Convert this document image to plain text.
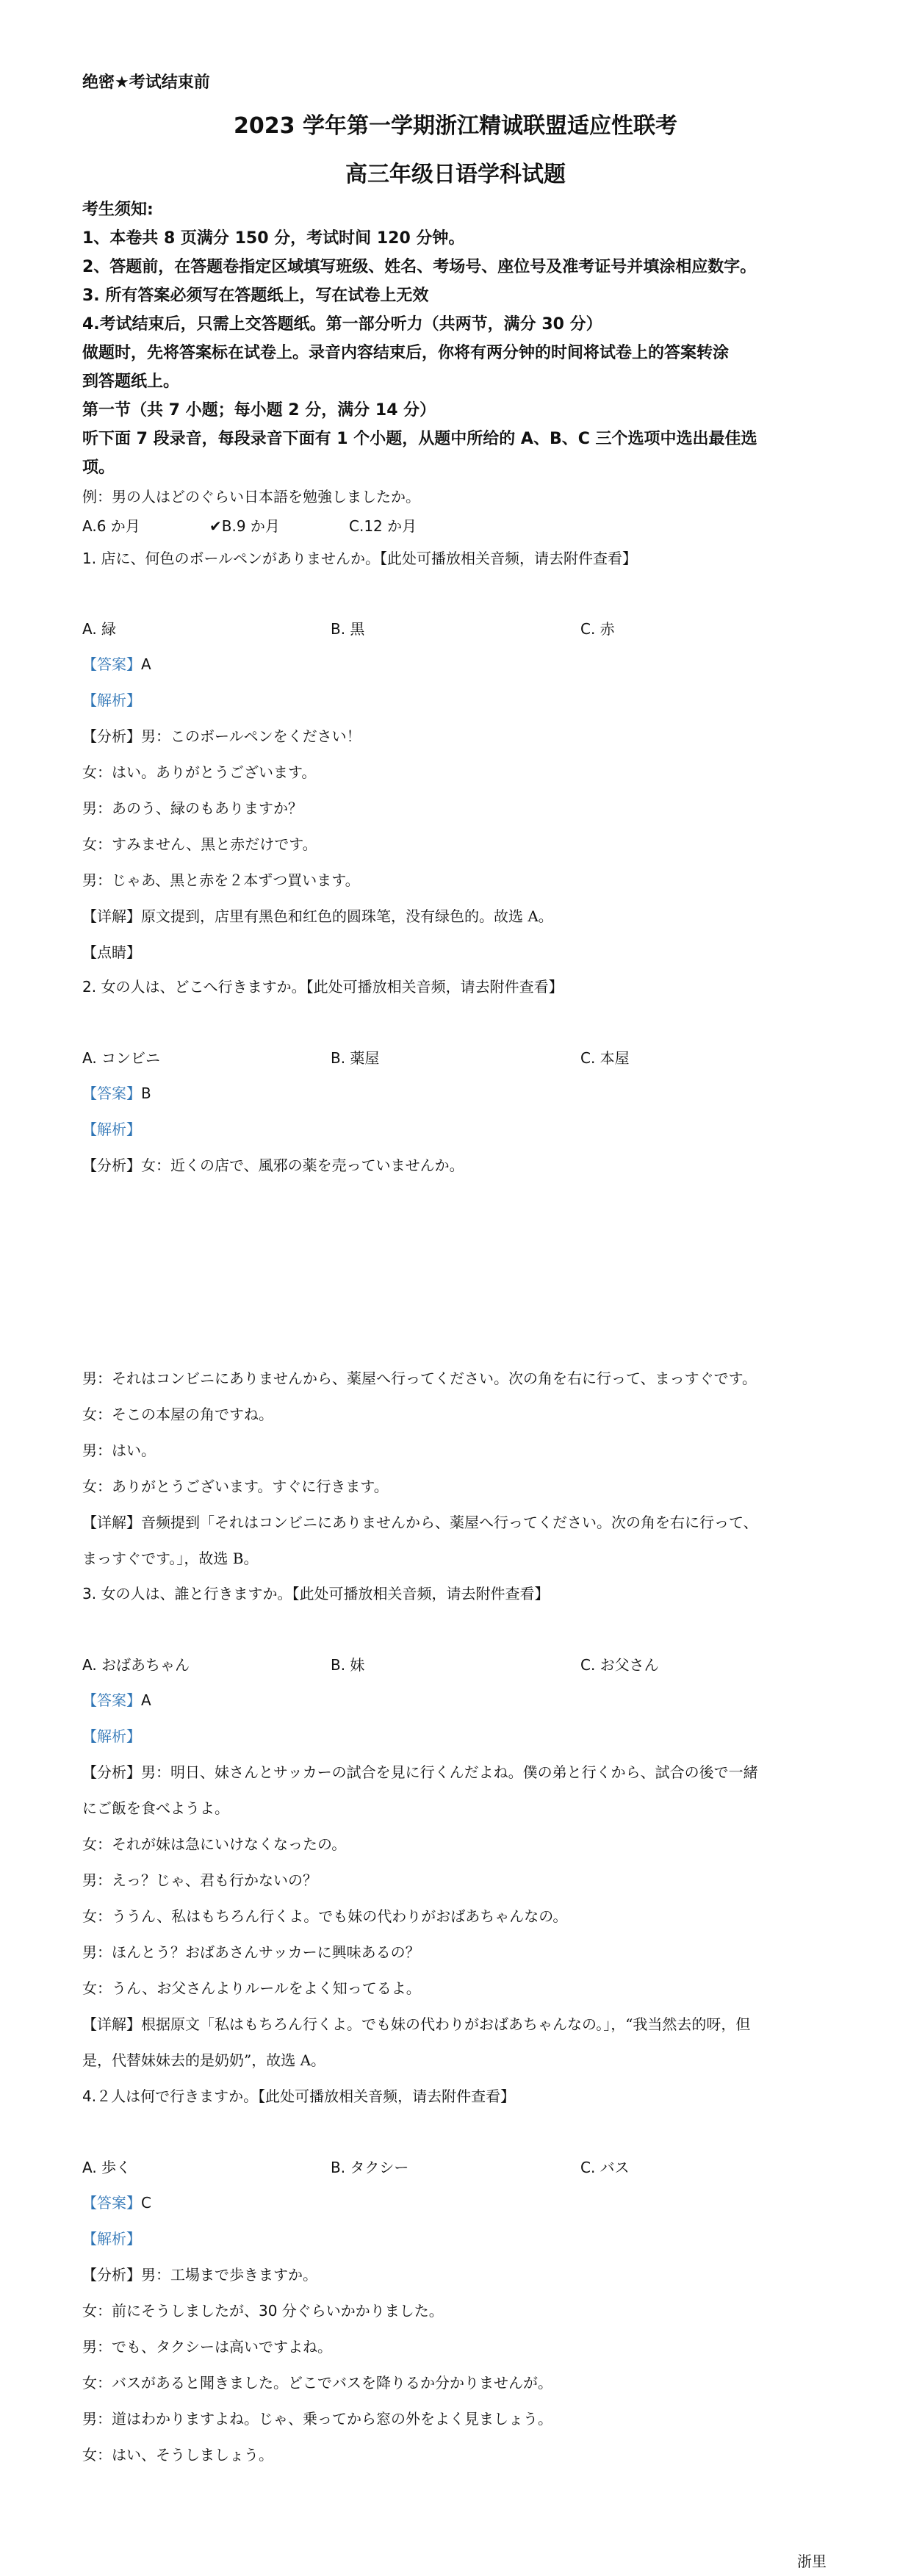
绝密★考试结束前
2023 学年第一学期浙江精诚联盟适应性联考
高三年级日语学科试题
考生须知:
1、本卷共 8 页满分 150 分，考试时间 120 分钟。
2、答题前，在答题卷指定区域填写班级、姓名、考场号、座位号及准考证号并填涂相应数字。
3. 所有答案必须写在答题纸上，写在试卷上无效
4.考试结束后，只需上交答题纸。第一部分听力（共两节，满分 30 分）
做题时，先将答案标在试卷上。录音内容结束后，你将有两分钟的时间将试卷上的答案转涂
到答题纸上。
第一节（共 7 小题；每小题 2 分，满分 14 分）
听下面 7 段录音，每段录音下面有 1 个小题，从题中所给的 A、B、C 三个选项中选出最佳选
项。
例：男の人はどのぐらい日本語を勉強しましたか。
A.6 か月	✔B.9 か月	C.12 か月
1. 店に、何色のボールペンがありませんか。【此处可播放相关音频，请去附件查看】
A. 緑	B. 黒	C. 赤
【答案】A
【解析】
【分析】男：このボールペンをください！
女：はい。ありがとうございます。
男：あのう、緑のもありますか？
女：すみません、黒と赤だけです。
男：じゃあ、黒と赤を２本ずつ買います。
【详解】原文提到，店里有黑色和红色的圆珠笔，没有绿色的。故选 A。
【点睛】
2. 女の人は、どこへ行きますか。【此处可播放相关音频，请去附件查看】
A. コンビニ	B. 薬屋	C. 本屋
【答案】B
【解析】
【分析】女：近くの店で、風邪の薬を売っていませんか。
男：それはコンビニにありませんから、薬屋へ行ってください。次の角を右に行って、まっすぐです。
女：そこの本屋の角ですね。
男：はい。
女：ありがとうございます。すぐに行きます。
【详解】音频提到「それはコンビニにありませんから、薬屋へ行ってください。次の角を右に行って、
まっすぐです。」，故选 B。
3. 女の人は、誰と行きますか。【此处可播放相关音频，请去附件查看】
A. おばあちゃん	B. 妹	C. お父さん
【答案】A
【解析】
【分析】男：明日、妹さんとサッカーの試合を見に行くんだよね。僕の弟と行くから、試合の後で一緒
にご飯を食べようよ。
女：それが妹は急にいけなくなったの。
男：えっ？じゃ、君も行かないの？
女：ううん、私はもちろん行くよ。でも妹の代わりがおばあちゃんなの。
男：ほんとう？おばあさんサッカーに興味あるの？
女：うん、お父さんよりルールをよく知ってるよ。
【详解】根据原文「私はもちろん行くよ。でも妹の代わりがおばあちゃんなの。」，“我当然去的呀，但
是，代替妹妹去的是奶奶”，故选 A。
4.２人は何で行きますか。【此处可播放相关音频，请去附件查看】
A. 歩く	B. タクシー	C. バス
【答案】C
【解析】
【分析】男：工場まで歩きますか。
女：前にそうしましたが、30 分ぐらいかかりました。
男：でも、タクシーは高いですよね。
女：バスがあると聞きました。どこでバスを降りるか分かりませんが。
男：道はわかりますよね。じゃ、乗ってから窓の外をよく見ましょう。
女：はい、そうしましょう。
浙里
